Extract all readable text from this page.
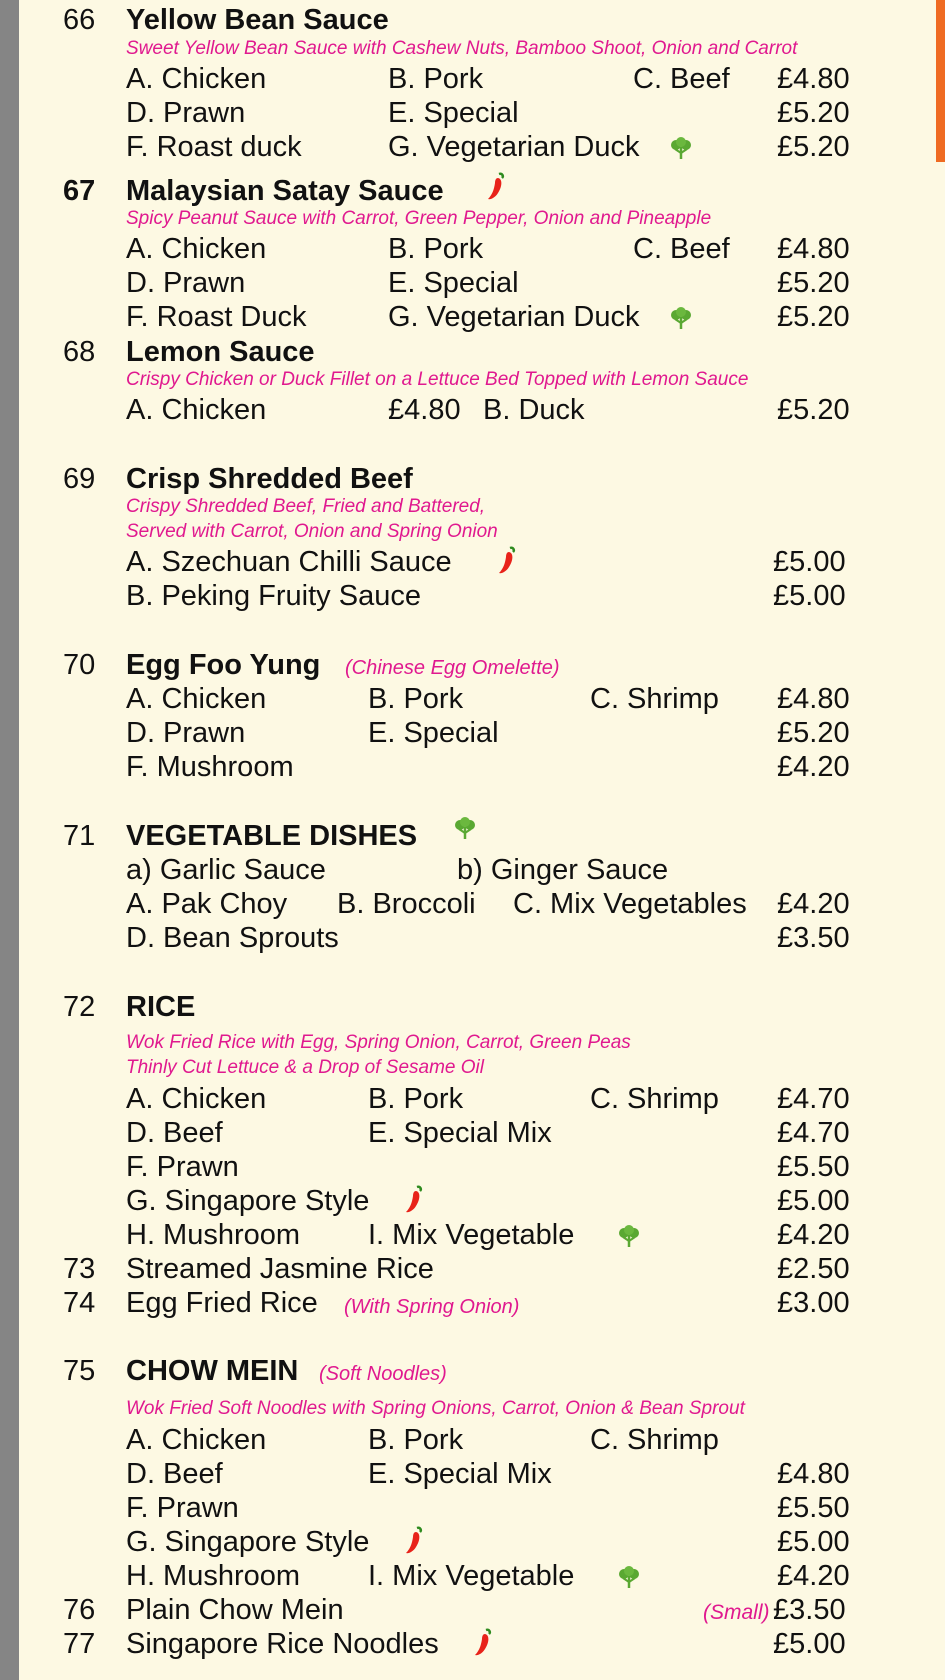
66 Yellow Bean Sauce
Sweet Yellow Bean Sauce with Cashew Nuts, Bamboo Shoot, Onion and Carrot
A. Chicken	B. Pork	C. Beef £4.80
D. Prawn	E. Special	£5.20
F. Roast duck	G. Vegetarian Duck	£5.20
67 Malaysian Satay Sauce
Spicy Peanut Sauce with Carrot, Green Pepper, Onion and Pineapple
A. Chicken	B. Pork	C. Beef £4.80
D. Prawn	E. Special	£5.20
F. Roast Duck	G. Vegetarian Duck	£5.20
68 Lemon Sauce
Crispy Chicken or Duck Fillet on a Lettuce Bed Topped with Lemon Sauce
A. Chicken	£4.80 B. Duck	£5.20
69 Crisp Shredded Beef
Crispy Shredded Beef, Fried and Battered,
Served with Carrot, Onion and Spring Onion
A. Szechuan Chilli Sauce	£5.00
B. Peking Fruity Sauce	£5.00
70 Egg Foo Yung (Chinese Egg Omelette)
A. Chicken	B. Pork	C. Shrimp £4.80
D. Prawn	E. Special	£5.20
F. Mushroom	£4.20
71 VEGETABLE DISHES
a) Garlic Sauce	b) Ginger Sauce
A. Pak Choy B. Broccoli C. Mix Vegetables £4.20
D. Bean Sprouts	£3.50
72 RICE
Wok Fried Rice with Egg, Spring Onion, Carrot, Green Peas
Thinly Cut Lettuce & a Drop of Sesame Oil
A. Chicken	B. Pork	C. Shrimp £4.70
D. Beef	E. Special Mix	£4.70
F. Prawn	£5.50
G. Singapore Style	£5.00
H. Mushroom I. Mix Vegetable	£4.20
73 Streamed Jasmine Rice	£2.50
74 Egg Fried Rice (With Spring Onion)	£3.00
75 CHOW MEIN (Soft Noodles)
Wok Fried Soft Noodles with Spring Onions, Carrot, Onion & Bean Sprout
A. Chicken	B. Pork	C. Shrimp
D. Beef	E. Special Mix	£4.80
F. Prawn	£5.50
G. Singapore Style	£5.00
H. Mushroom I. Mix Vegetable	£4.20
76 Plain Chow Mein	(Small) £3.50
77 Singapore Rice Noodles	£5.00
